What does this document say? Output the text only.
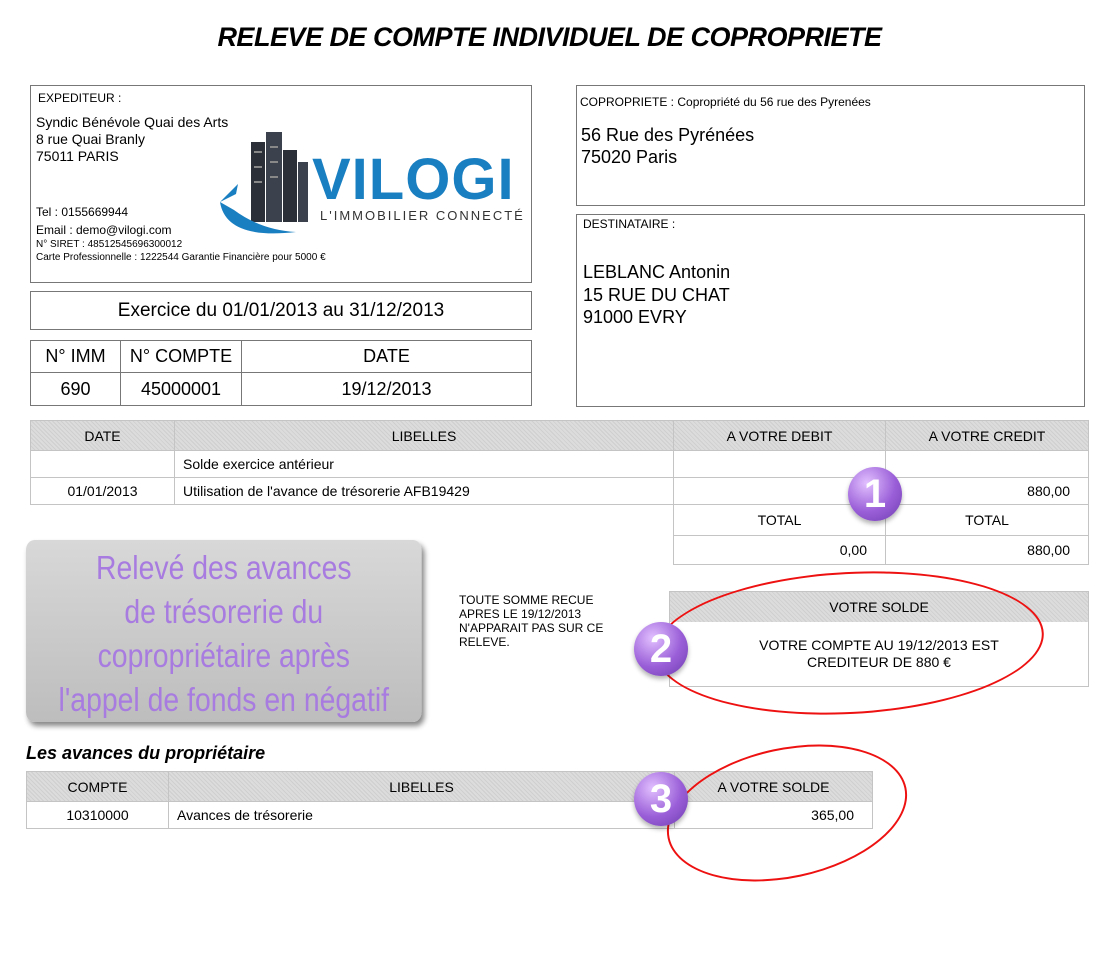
RELEVE DE COMPTE INDIVIDUEL DE COPROPRIETE
EXPEDITEUR :
Syndic Bénévole Quai des Arts
8 rue Quai Branly
75011 PARIS
Tel : 0155669944
Email : demo@vilogi.com
N° SIRET : 48512545696300012
Carte Professionnelle : 1222544 Garantie Financière pour 5000 €
VILOGI
L'IMMOBILIER CONNECTÉ
COPROPRIETE : Copropriété du 56 rue des Pyrenées
56 Rue des Pyrénées
75020 Paris
DESTINATAIRE :
LEBLANC Antonin
15 RUE DU CHAT
91000 EVRY
Exercice du 01/01/2013 au 31/12/2013
N° IMM	N° COMPTE	DATE
690	45000001	19/12/2013
DATE	LIBELLES	A VOTRE DEBIT	A VOTRE CREDIT
	Solde exercice antérieur		
01/01/2013	Utilisation de l'avance de trésorerie AFB19429		880,00
		TOTAL	TOTAL
		0,00	880,00
Relevé des avances
de trésorerie du
copropriétaire après
l'appel de fonds en négatif
TOUTE SOMME RECUE
APRES LE 19/12/2013
N'APPARAIT PAS SUR CE
RELEVE.
VOTRE SOLDE
VOTRE COMPTE AU 19/12/2013 EST
CREDITEUR DE 880 €
Les avances du propriétaire
COMPTE	LIBELLES	A VOTRE SOLDE
10310000	Avances de trésorerie	365,00
1
2
3
